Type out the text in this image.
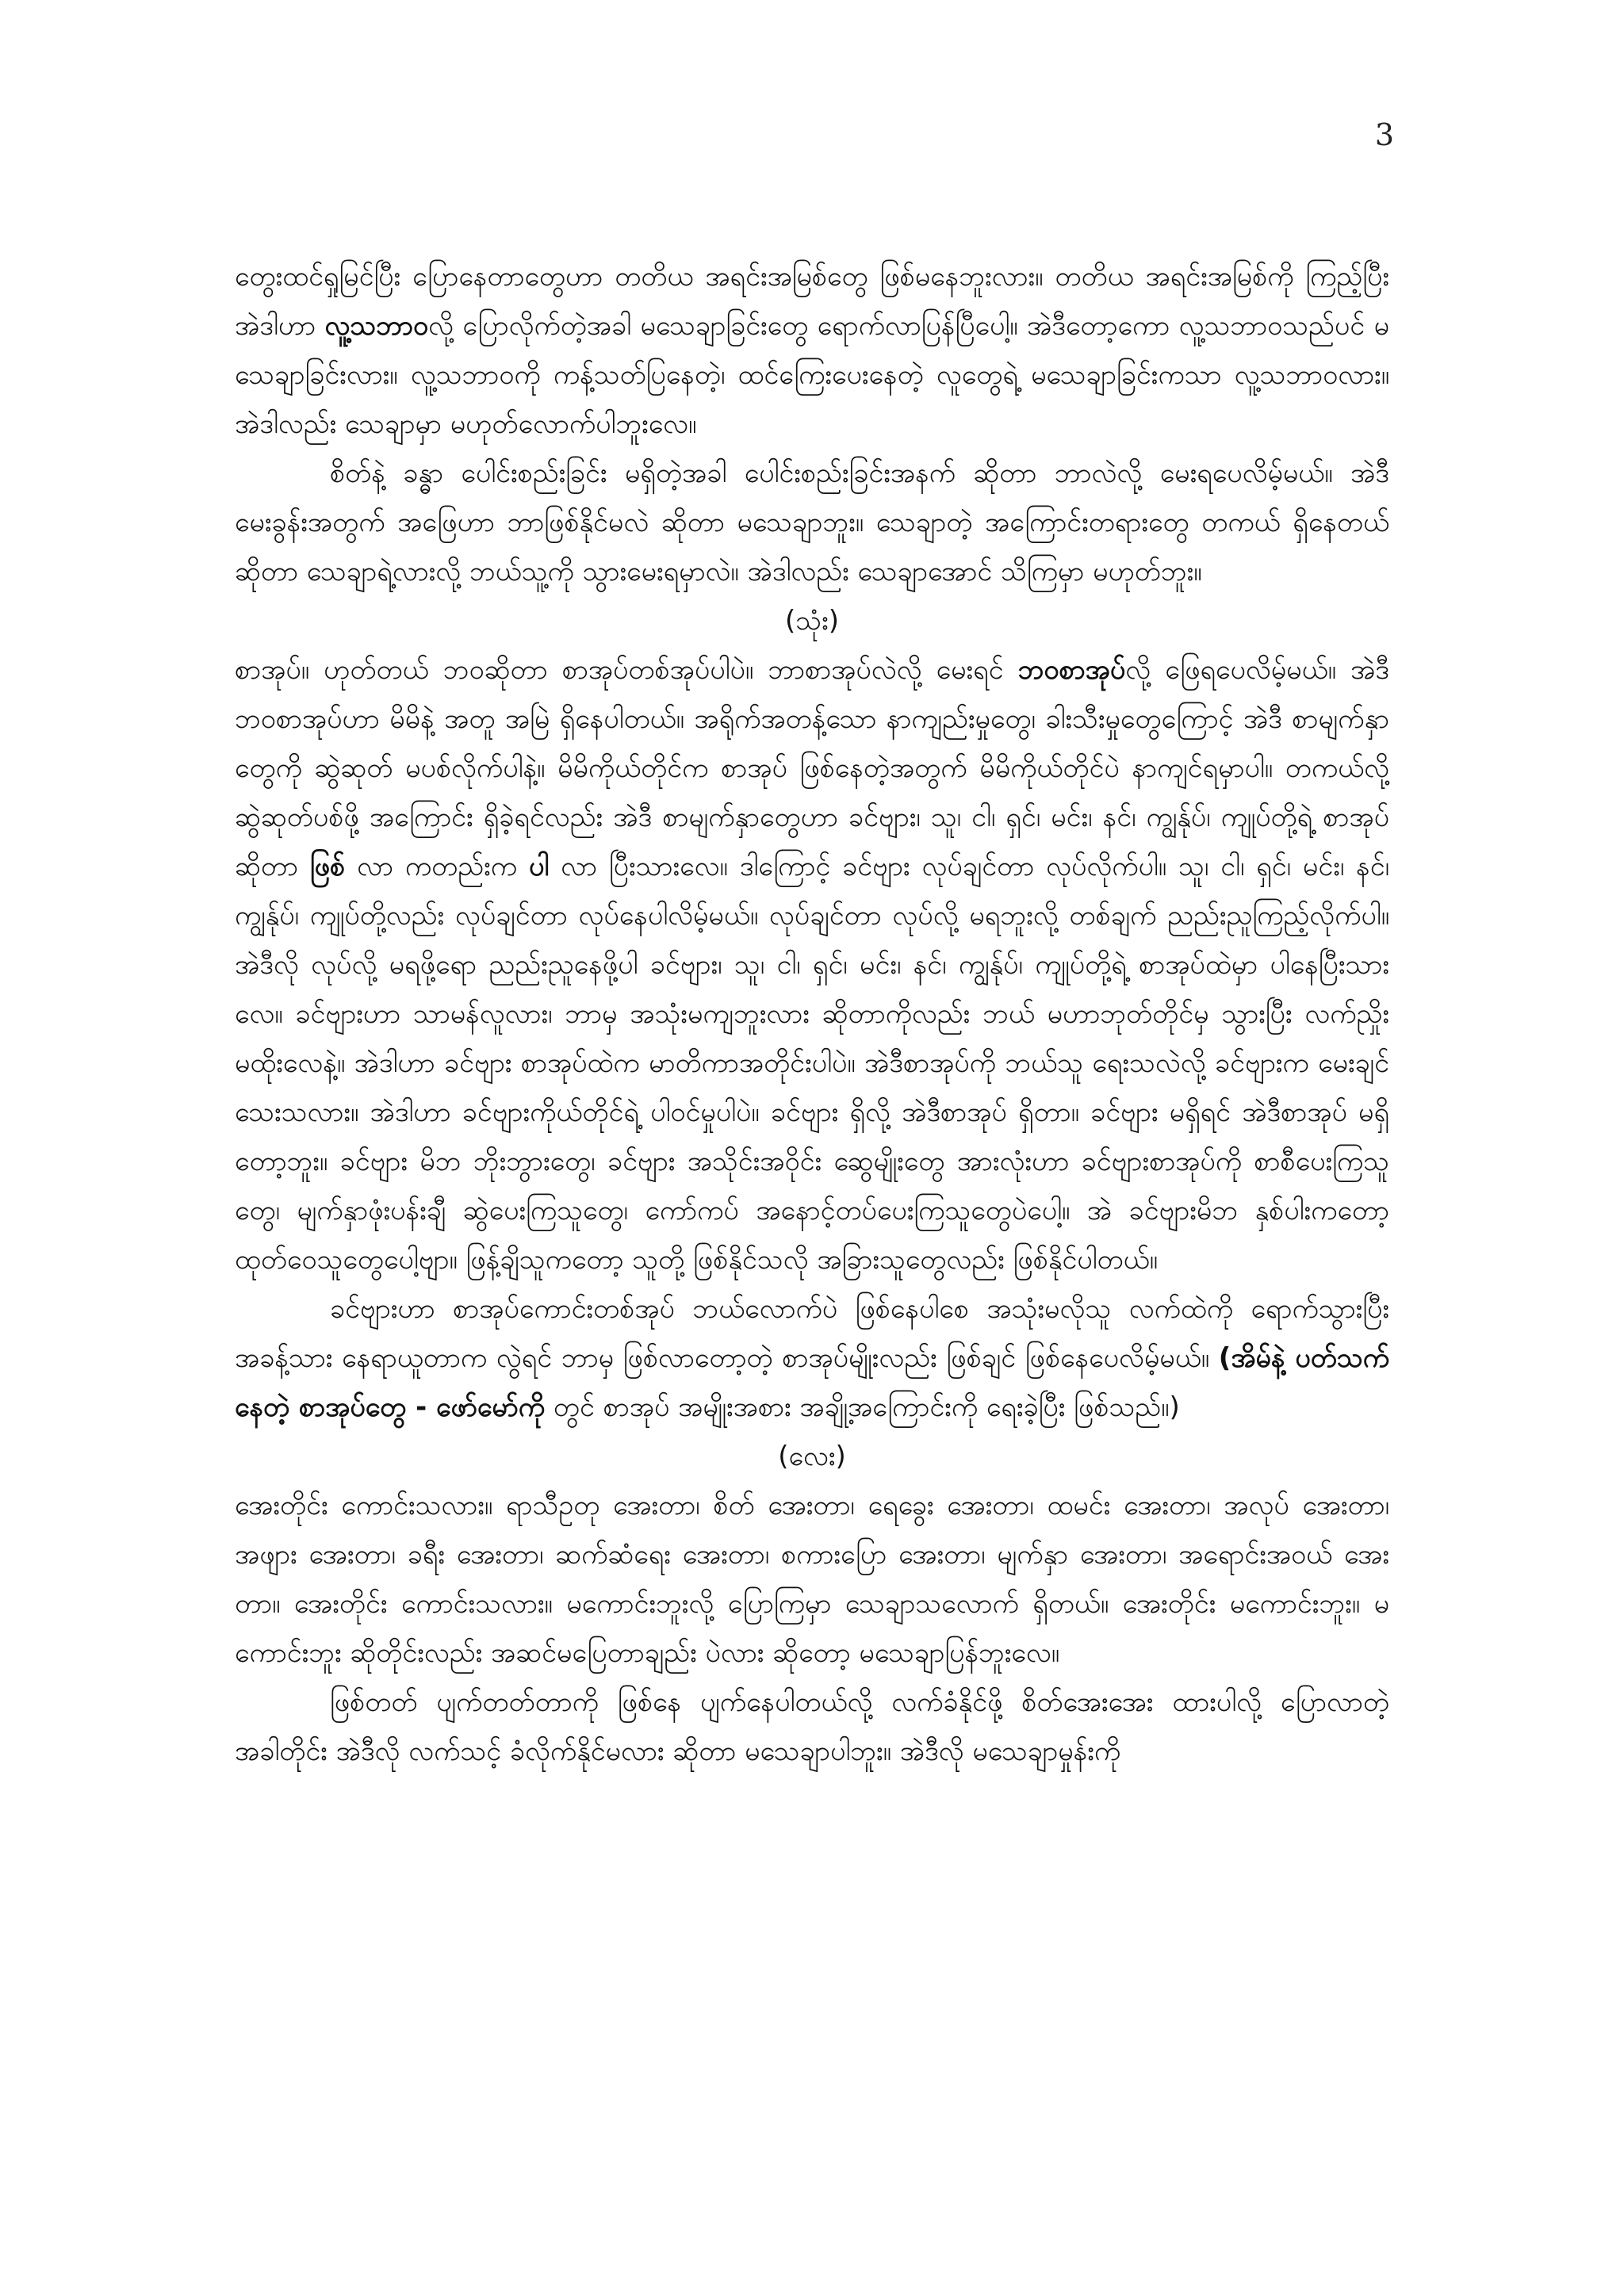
3

တွေးထင်ရှုမြင်ပြီး ပြောနေတာတွေဟာ တတိယ အရင်းအမြစ်တွေ ဖြစ်မနေဘူးလား။ တတိယ အရင်းအမြစ်ကို ကြည့်ပြီး အဲဒါဟာ လူ့သဘာဝလို့ ပြောလိုက်တဲ့အခါ မသေချာခြင်းတွေ ရောက်လာပြန်ပြီပေါ့။ အဲဒီတော့ကော လူ့သဘာဝသည်ပင် မသေချာခြင်းလား။ လူ့သဘာဝကို ကန့်သတ်ပြနေတဲ့၊ ထင်ကြေးပေးနေတဲ့ လူတွေရဲ့ မသေချာခြင်းကသာ လူ့သဘာဝလား။ အဲဒါလည်း သေချာမှာ မဟုတ်လောက်ပါဘူးလေ။

စိတ်နဲ့ ခန္ဓာ ပေါင်းစည်းခြင်း မရှိတဲ့အခါ ပေါင်းစည်းခြင်းအနက် ဆိုတာ ဘာလဲလို့ မေးရပေလိမ့်မယ်။ အဲဒီ မေးခွန်းအတွက် အဖြေဟာ ဘာဖြစ်နိုင်မလဲ ဆိုတာ မသေချာဘူး။ သေချာတဲ့ အကြောင်းတရားတွေ တကယ် ရှိနေတယ် ဆိုတာ သေချာရဲ့လားလို့ ဘယ်သူ့ကို သွားမေးရမှာလဲ။ အဲဒါလည်း သေချာအောင် သိကြမှာ မဟုတ်ဘူး။

(သုံး)

စာအုပ်။ ဟုတ်တယ် ဘဝဆိုတာ စာအုပ်တစ်အုပ်ပါပဲ။ ဘာစာအုပ်လဲလို့ မေးရင် ဘဝစာအုပ်လို့ ဖြေရပေလိမ့်မယ်။ အဲဒီ ဘဝစာအုပ်ဟာ မိမိနဲ့ အတူ အမြဲ ရှိနေပါတယ်။ အရိုက်အတန့်သော နာကျည်းမှုတွေ၊ ခါးသီးမှုတွေကြောင့် အဲဒီ စာမျက်နှာတွေကို ဆွဲဆုတ် မပစ်လိုက်ပါနဲ့။ မိမိကိုယ်တိုင်က စာအုပ် ဖြစ်နေတဲ့အတွက် မိမိကိုယ်တိုင်ပဲ နာကျင်ရမှာပါ။ တကယ်လို့ ဆွဲဆုတ်ပစ်ဖို့ အကြောင်း ရှိခဲ့ရင်လည်း အဲဒီ စာမျက်နှာတွေဟာ ခင်ဗျား၊ သူ၊ ငါ၊ ရှင်၊ မင်း၊ နင်၊ ကျွန်ုပ်၊ ကျုပ်တို့ရဲ့ စာအုပ်ဆိုတာ ဖြစ် လာ ကတည်းက ပါ လာ ပြီးသားလေ။ ဒါကြောင့် ခင်ဗျား လုပ်ချင်တာ လုပ်လိုက်ပါ။ သူ၊ ငါ၊ ရှင်၊ မင်း၊ နင်၊ ကျွန်ုပ်၊ ကျုပ်တို့လည်း လုပ်ချင်တာ လုပ်နေပါလိမ့်မယ်။ လုပ်ချင်တာ လုပ်လို့ မရဘူးလို့ တစ်ချက် ညည်းညူကြည့်လိုက်ပါ။ အဲဒီလို လုပ်လို့ မရဖို့ရော ညည်းညူနေဖို့ပါ ခင်ဗျား၊ သူ၊ ငါ၊ ရှင်၊ မင်း၊ နင်၊ ကျွန်ုပ်၊ ကျုပ်တို့ရဲ့ စာအုပ်ထဲမှာ ပါနေပြီးသားလေ။ ခင်ဗျားဟာ သာမန်လူလား၊ ဘာမှ အသုံးမကျဘူးလား ဆိုတာကိုလည်း ဘယ် မဟာဘုတ်တိုင်မှ သွားပြီး လက်ညှိုး မထိုးလေနဲ့။ အဲဒါဟာ ခင်ဗျား စာအုပ်ထဲက မာတိကာအတိုင်းပါပဲ။ အဲဒီစာအုပ်ကို ဘယ်သူ ရေးသလဲလို့ ခင်ဗျားက မေးချင်သေးသလား။ အဲဒါဟာ ခင်ဗျားကိုယ်တိုင်ရဲ့ ပါဝင်မှုပါပဲ။ ခင်ဗျား ရှိလို့ အဲဒီစာအုပ် ရှိတာ။ ခင်ဗျား မရှိရင် အဲဒီစာအုပ် မရှိတော့ဘူး။ ခင်ဗျား မိဘ ဘိုးဘွားတွေ၊ ခင်ဗျား အသိုင်းအဝိုင်း ဆွေမျိုးတွေ အားလုံးဟာ ခင်ဗျားစာအုပ်ကို စာစီပေးကြသူတွေ၊ မျက်နှာဖုံးပန်းချီ ဆွဲပေးကြသူတွေ၊ ကော်ကပ် အနောင့်တပ်ပေးကြသူတွေပဲပေါ့။ အဲ ခင်ဗျားမိဘ နှစ်ပါးကတော့ ထုတ်ဝေသူတွေပေါ့ဗျာ။ ဖြန့်ချိသူကတော့ သူတို့ ဖြစ်နိုင်သလို အခြားသူတွေလည်း ဖြစ်နိုင်ပါတယ်။

ခင်ဗျားဟာ စာအုပ်ကောင်းတစ်အုပ် ဘယ်လောက်ပဲ ဖြစ်နေပါစေ အသုံးမလိုသူ လက်ထဲကို ရောက်သွားပြီး အခန့်သား နေရာယူတာက လွဲရင် ဘာမှ ဖြစ်လာတော့တဲ့ စာအုပ်မျိုးလည်း ဖြစ်ချင် ဖြစ်နေပေလိမ့်မယ်။ (အိမ်နဲ့ ပတ်သက်နေတဲ့ စာအုပ်တွေ - ဖော်မော်ကို တွင် စာအုပ် အမျိုးအစား အချို့အကြောင်းကို ရေးခဲ့ပြီး ဖြစ်သည်။)

(လေး)

အေးတိုင်း ကောင်းသလား။ ရာသီဥတု အေးတာ၊ စိတ် အေးတာ၊ ရေခွေး အေးတာ၊ ထမင်း အေးတာ၊ အလုပ် အေးတာ၊ အဖျား အေးတာ၊ ခရီး အေးတာ၊ ဆက်ဆံရေး အေးတာ၊ စကားပြော အေးတာ၊ မျက်နှာ အေးတာ၊ အရောင်းအဝယ် အေးတာ။ အေးတိုင်း ကောင်းသလား။ မကောင်းဘူးလို့ ပြောကြမှာ သေချာသလောက် ရှိတယ်။ အေးတိုင်း မကောင်းဘူး။ မကောင်းဘူး ဆိုတိုင်းလည်း အဆင်မပြေတာချည်း ပဲလား ဆိုတော့ မသေချာပြန်ဘူးလေ။

ဖြစ်တတ် ပျက်တတ်တာကို ဖြစ်နေ ပျက်နေပါတယ်လို့ လက်ခံနိုင်ဖို့ စိတ်အေးအေး ထားပါလို့ ပြောလာတဲ့အခါတိုင်း အဲဒီလို လက်သင့် ခံလိုက်နိုင်မလား ဆိုတာ မသေချာပါဘူး။ အဲဒီလို မသေချာမှုန်းကို
